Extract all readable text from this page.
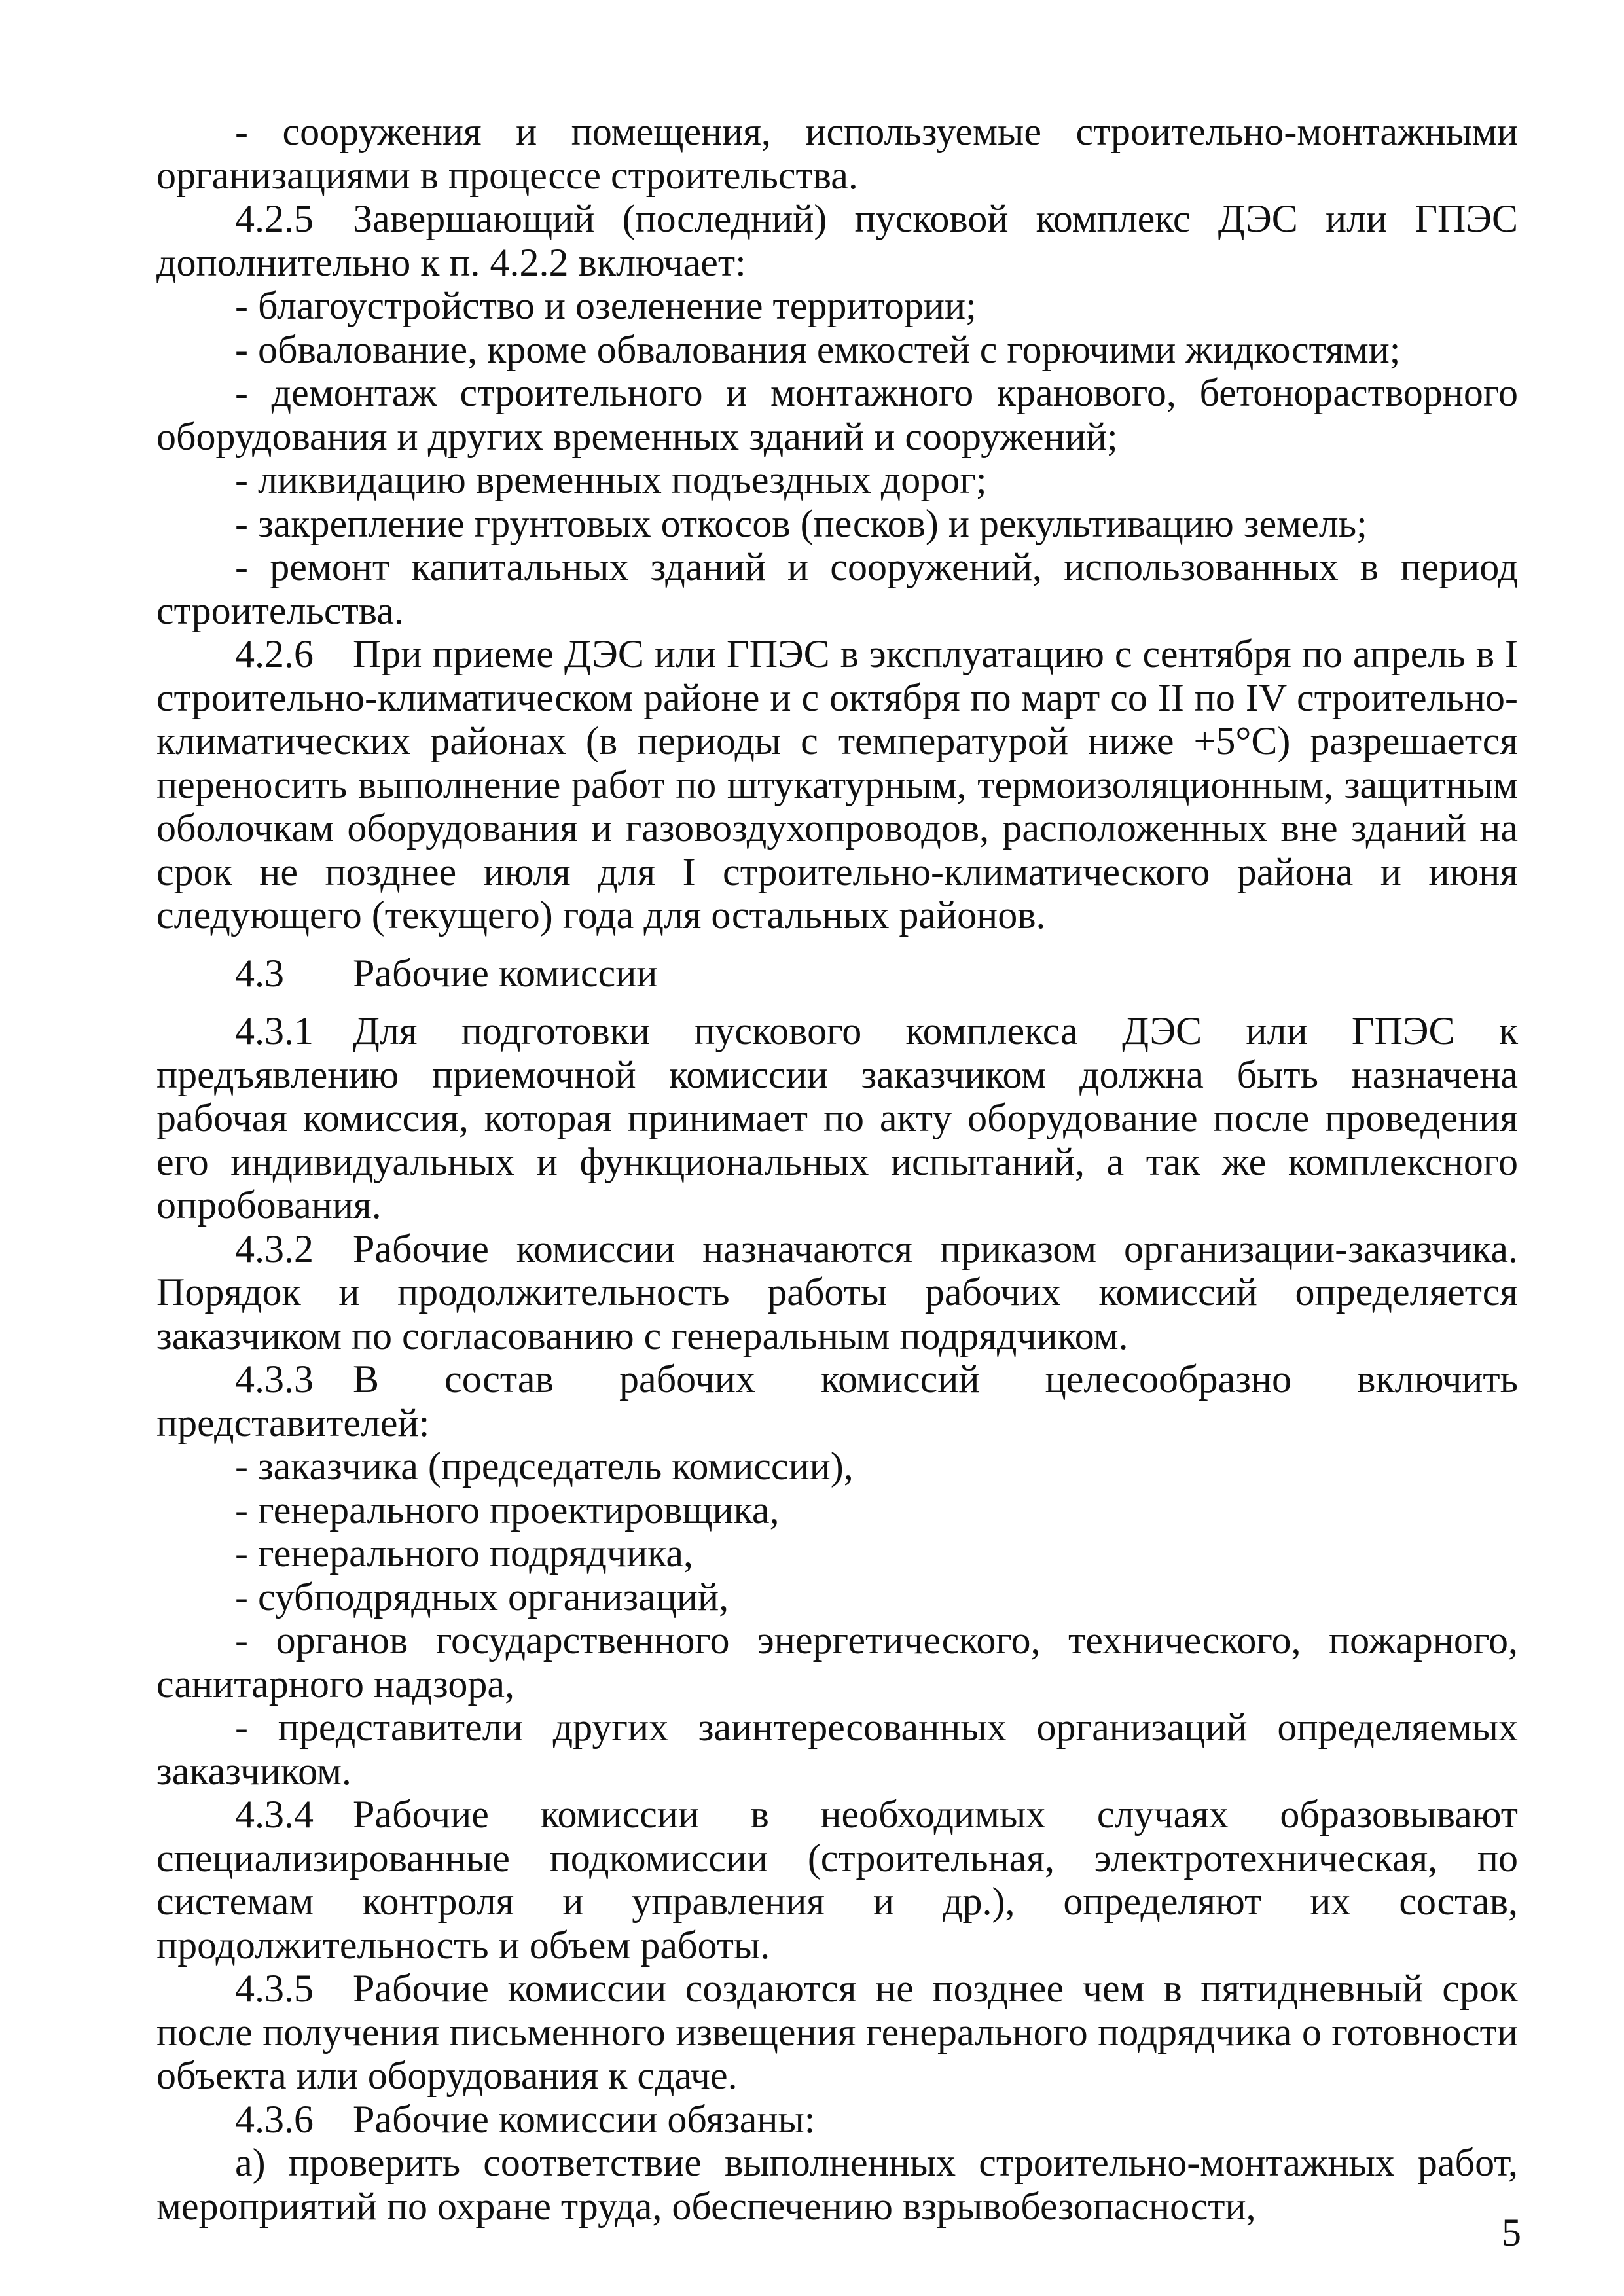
- сооружения и помещения, используемые строительно-монтажными организациями в процессе строительства.

4.2.5 Завершающий (последний) пусковой комплекс ДЭС или ГПЭС дополнительно к п. 4.2.2 включает:

- благоустройство и озеленение территории;

- обвалование, кроме обвалования емкостей с горючими жидкостями;

- демонтаж строительного и монтажного кранового, бетонорастворного оборудования и других временных зданий и сооружений;

- ликвидацию временных подъездных дорог;

- закрепление грунтовых откосов (песков) и рекультивацию земель;

- ремонт капитальных зданий и сооружений, использованных в период строительства.

4.2.6 При приеме ДЭС или ГПЭС в эксплуатацию с сентября по апрель в I строительно-климатическом районе и с октября по март со II по IV строительно-климатических районах (в периоды с температурой ниже +5°С) разрешается переносить выполнение работ по штукатурным, термоизоляционным, защитным оболочкам оборудования и газовоздухопроводов, расположенных вне зданий на срок не позднее июля для I строительно-климатического района и июня следующего (текущего) года для остальных районов.

4.3 Рабочие комиссии

4.3.1 Для подготовки пускового комплекса ДЭС или ГПЭС к предъявлению приемочной комиссии заказчиком должна быть назначена рабочая комиссия, которая принимает по акту оборудование после проведения его индивидуальных и функциональных испытаний, а так же комплексного опробования.

4.3.2 Рабочие комиссии назначаются приказом организации-заказчика. Порядок и продолжительность работы рабочих комиссий определяется заказчиком по согласованию с генеральным подрядчиком.

4.3.3 В состав рабочих комиссий целесообразно включить представителей:

- заказчика (председатель комиссии),

- генерального проектировщика,

- генерального подрядчика,

- субподрядных организаций,

- органов государственного энергетического, технического, пожарного, санитарного надзора,

- представители других заинтересованных организаций определяемых заказчиком.

4.3.4 Рабочие комиссии в необходимых случаях образовывают специализированные подкомиссии (строительная, электротехническая, по системам контроля и управления и др.), определяют их состав, продолжительность и объем работы.

4.3.5 Рабочие комиссии создаются не позднее чем в пятидневный срок после получения письменного извещения генерального подрядчика о готовности объекта или оборудования к сдаче.

4.3.6 Рабочие комиссии обязаны:

а) проверить соответствие выполненных строительно-монтажных работ, мероприятий по охране труда, обеспечению взрывобезопасности,

5
